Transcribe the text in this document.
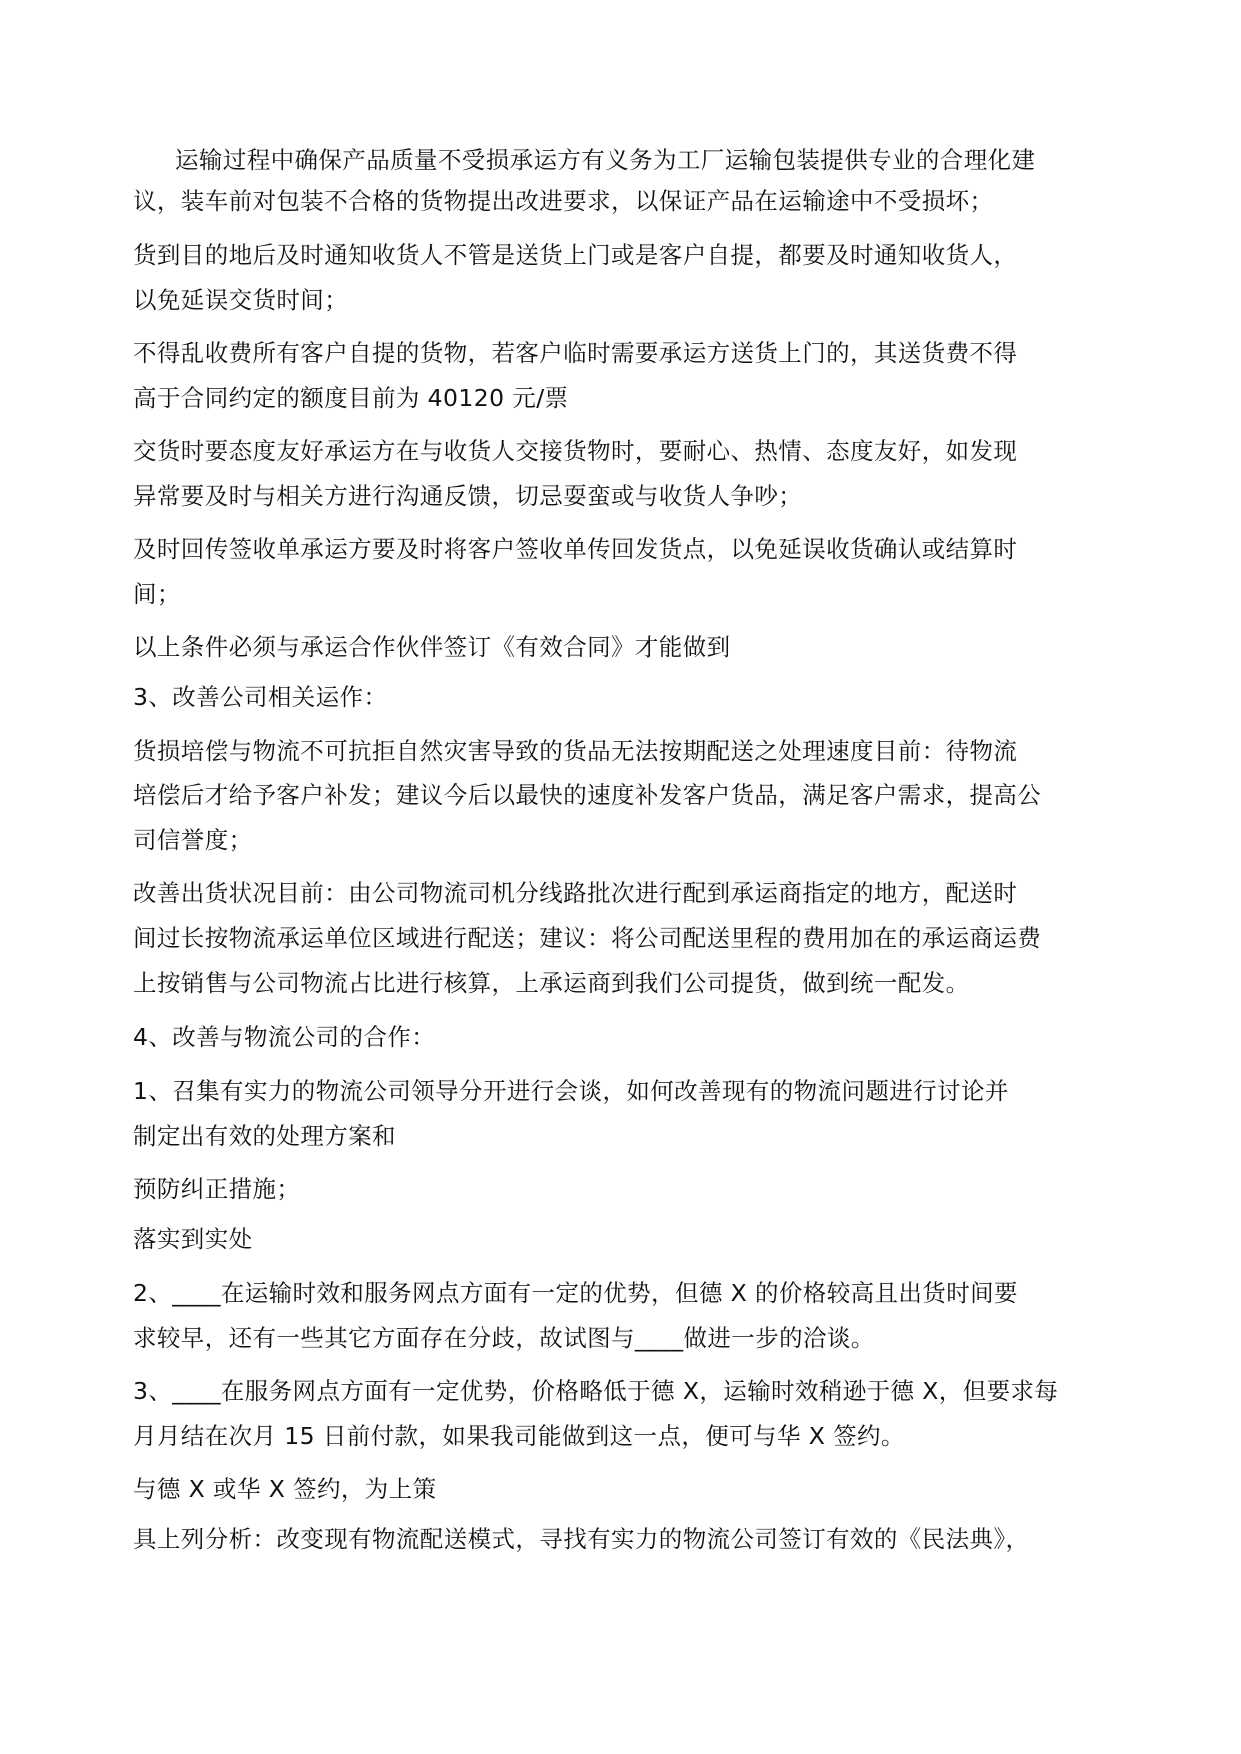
运输过程中确保产品质量不受损承运方有义务为工厂运输包装提供专业的合理化建
议，装车前对包装不合格的货物提出改进要求，以保证产品在运输途中不受损坏；
货到目的地后及时通知收货人不管是送货上门或是客户自提，都要及时通知收货人，
以免延误交货时间；
不得乱收费所有客户自提的货物，若客户临时需要承运方送货上门的，其送货费不得
高于合同约定的额度目前为 40120 元/票
交货时要态度友好承运方在与收货人交接货物时，要耐心、热情、态度友好，如发现
异常要及时与相关方进行沟通反馈，切忌耍蛮或与收货人争吵；
及时回传签收单承运方要及时将客户签收单传回发货点，以免延误收货确认或结算时
间；
以上条件必须与承运合作伙伴签订《有效合同》才能做到
3、改善公司相关运作：
货损培偿与物流不可抗拒自然灾害导致的货品无法按期配送之处理速度目前：待物流
培偿后才给予客户补发；建议今后以最快的速度补发客户货品，满足客户需求，提高公
司信誉度；
改善出货状况目前：由公司物流司机分线路批次进行配到承运商指定的地方，配送时
间过长按物流承运单位区域进行配送；建议：将公司配送里程的费用加在的承运商运费
上按销售与公司物流占比进行核算，上承运商到我们公司提货，做到统一配发。
4、改善与物流公司的合作：
1、召集有实力的物流公司领导分开进行会谈，如何改善现有的物流问题进行讨论并
制定出有效的处理方案和
预防纠正措施；
落实到实处
2、____在运输时效和服务网点方面有一定的优势，但德 X 的价格较高且出货时间要
求较早，还有一些其它方面存在分歧，故试图与____做进一步的洽谈。
3、____在服务网点方面有一定优势，价格略低于德 X，运输时效稍逊于德 X，但要求每
月月结在次月 15 日前付款，如果我司能做到这一点，便可与华 X 签约。
与德 X 或华 X 签约，为上策
具上列分析：改变现有物流配送模式，寻找有实力的物流公司签订有效的《民法典》，
